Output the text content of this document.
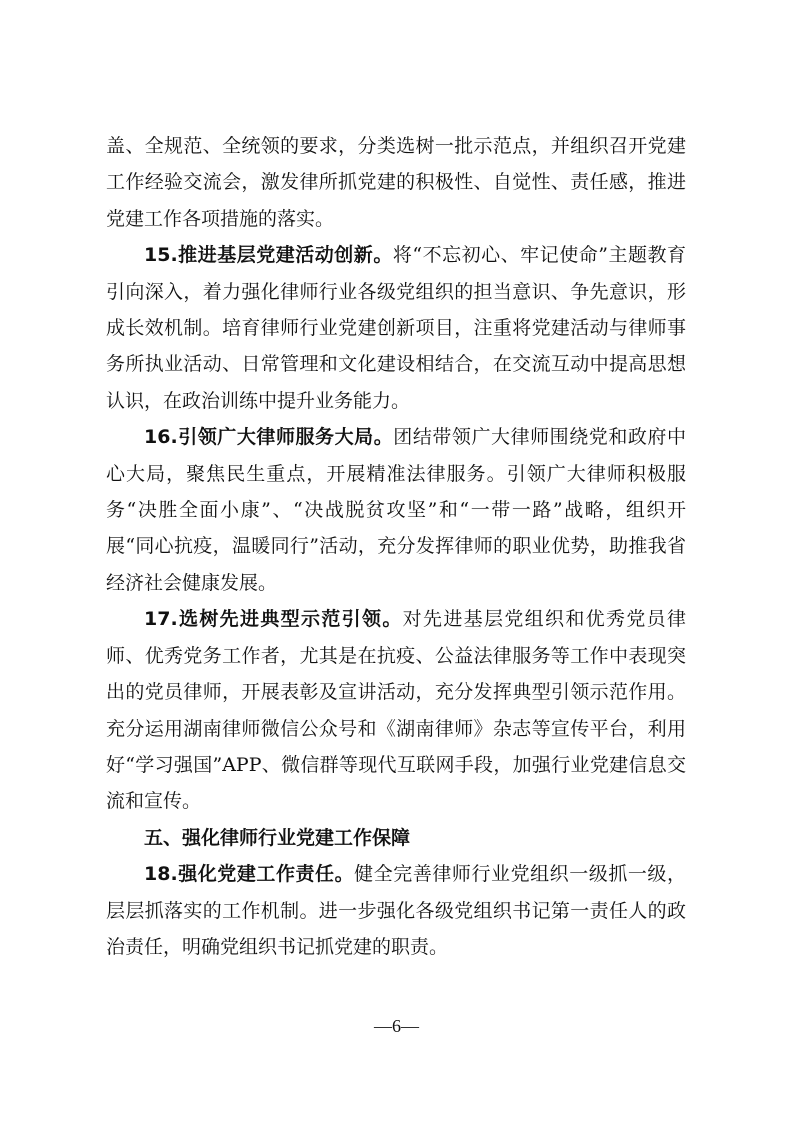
盖、全规范、全统领的要求，分类选树一批示范点，并组织召开党建工作经验交流会，激发律所抓党建的积极性、自觉性、责任感，推进党建工作各项措施的落实。

15.推进基层党建活动创新。将“不忘初心、牢记使命”主题教育引向深入，着力强化律师行业各级党组织的担当意识、争先意识，形成长效机制。培育律师行业党建创新项目，注重将党建活动与律师事务所执业活动、日常管理和文化建设相结合，在交流互动中提高思想认识，在政治训练中提升业务能力。

16.引领广大律师服务大局。团结带领广大律师围绕党和政府中心大局，聚焦民生重点，开展精准法律服务。引领广大律师积极服务“决胜全面小康”、“决战脱贫攻坚”和“一带一路”战略，组织开展“同心抗疫，温暖同行”活动，充分发挥律师的职业优势，助推我省经济社会健康发展。

17.选树先进典型示范引领。对先进基层党组织和优秀党员律师、优秀党务工作者，尤其是在抗疫、公益法律服务等工作中表现突出的党员律师，开展表彰及宣讲活动，充分发挥典型引领示范作用。充分运用湖南律师微信公众号和《湖南律师》杂志等宣传平台，利用好“学习强国”APP、微信群等现代互联网手段，加强行业党建信息交流和宣传。

五、强化律师行业党建工作保障

18.强化党建工作责任。健全完善律师行业党组织一级抓一级，层层抓落实的工作机制。进一步强化各级党组织书记第一责任人的政治责任，明确党组织书记抓党建的职责。

—6—
